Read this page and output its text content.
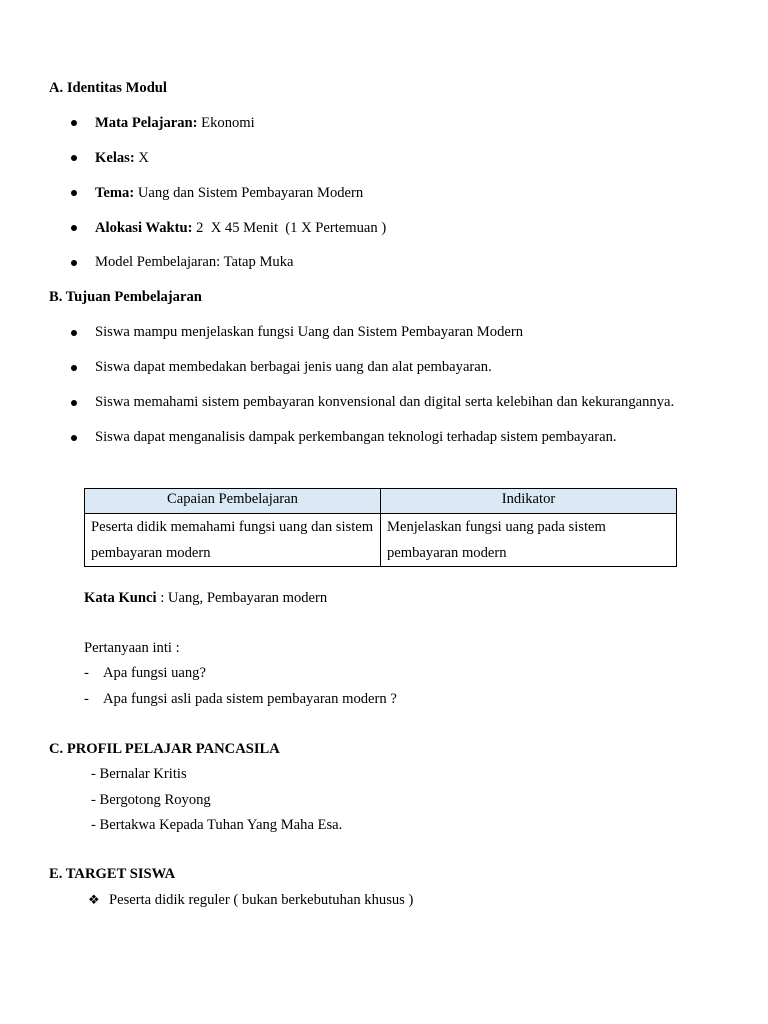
A. Identitas Modul
Mata Pelajaran: Ekonomi
Kelas: X
Tema: Uang dan Sistem Pembayaran Modern
Alokasi Waktu: 2  X 45 Menit  (1 X Pertemuan )
Model Pembelajaran: Tatap Muka
B. Tujuan Pembelajaran
Siswa mampu menjelaskan fungsi Uang dan Sistem Pembayaran Modern
Siswa dapat membedakan berbagai jenis uang dan alat pembayaran.
Siswa memahami sistem pembayaran konvensional dan digital serta kelebihan dan kekurangannya.
Siswa dapat menganalisis dampak perkembangan teknologi terhadap sistem pembayaran.
Capaian Pembelajaran	Indikator
Peserta didik memahami fungsi uang dan sistem pembayaran modern	Menjelaskan fungsi uang pada sistem pembayaran modern
Kata Kunci : Uang, Pembayaran modern
Pertanyaan inti :
- Apa fungsi uang?
- Apa fungsi asli pada sistem pembayaran modern ?
C. PROFIL PELAJAR PANCASILA
- Bernalar Kritis
- Bergotong Royong
- Bertakwa Kepada Tuhan Yang Maha Esa.
E. TARGET SISWA
❖ Peserta didik reguler ( bukan berkebutuhan khusus )
